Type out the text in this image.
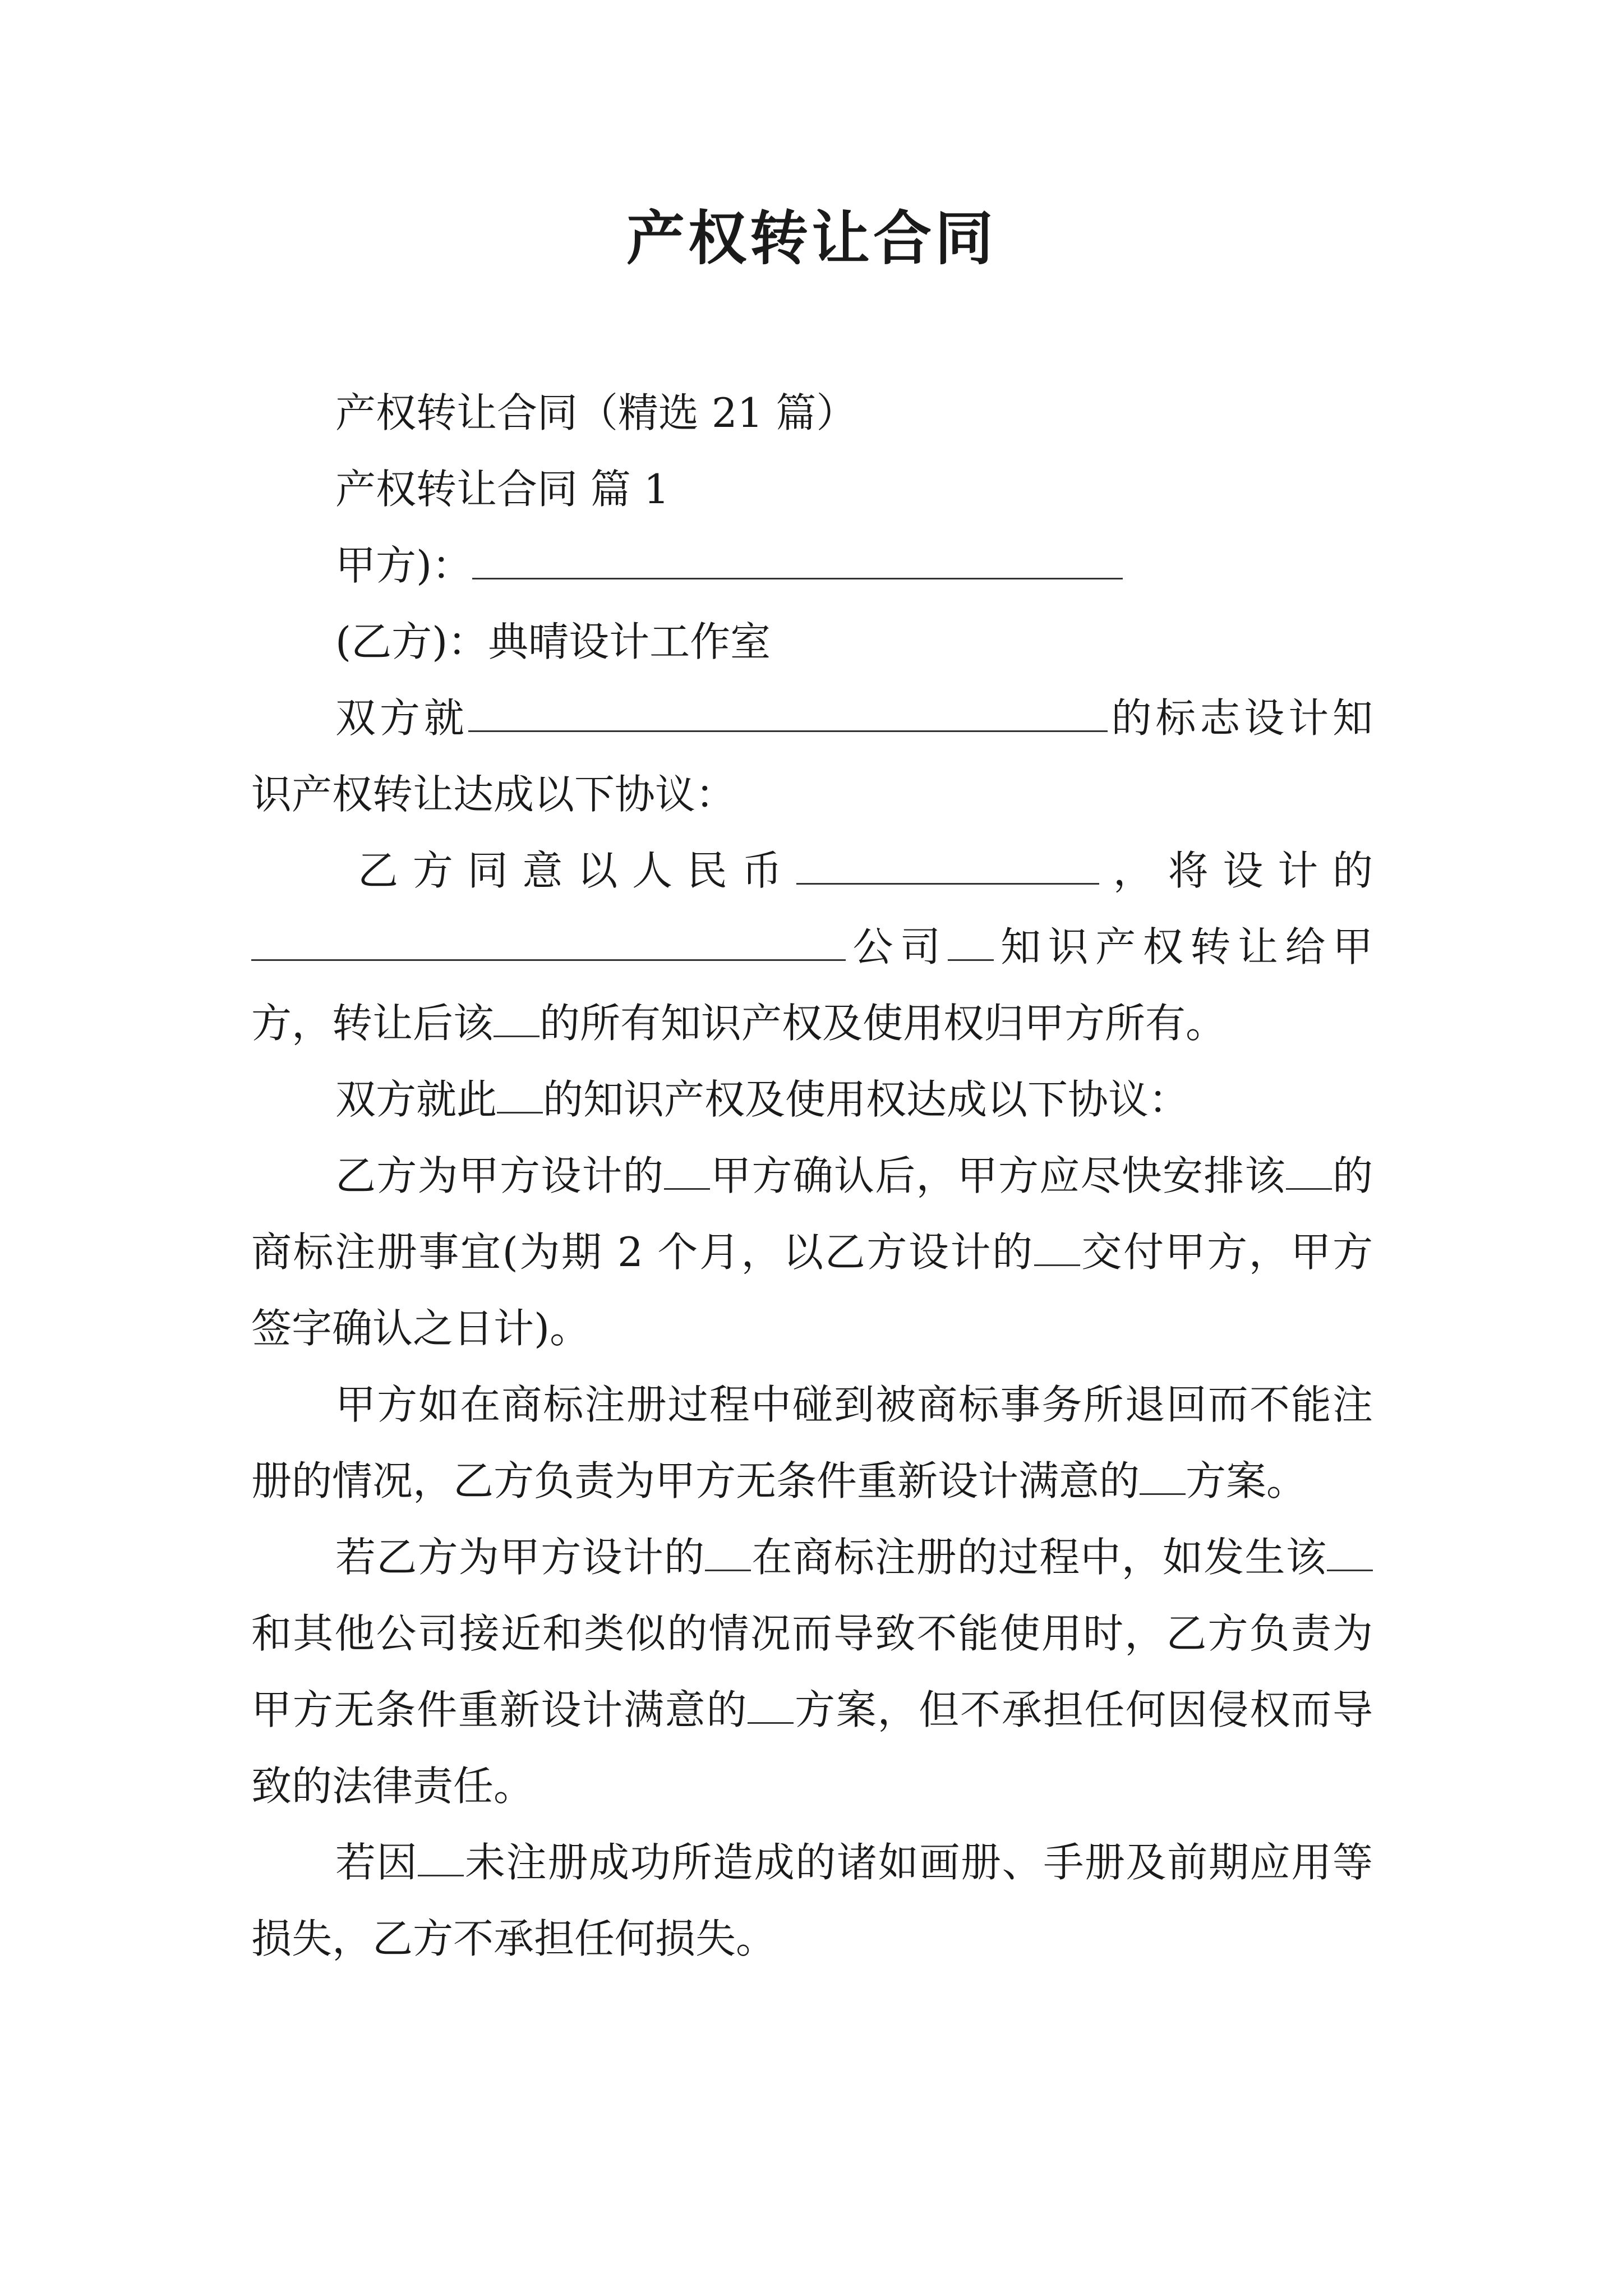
产权转让合同

产权转让合同（精选 21 篇）

产权转让合同 篇 1

甲方)：

(乙方)：典晴设计工作室

双方就	的标志设计知识产权转让达成以下协议：

乙 方 同 意 以 人 民 币	， 将 设 计 的公司 知识产权转让给甲方，转让后该 的所有知识产权及使用权归甲方所有。

双方就此 的知识产权及使用权达成以下协议：

乙方为甲方设计的 甲方确认后，甲方应尽快安排该 的商标注册事宜(为期 2 个月，以乙方设计的 交付甲方，甲方签字确认之日计)。

甲方如在商标注册过程中碰到被商标事务所退回而不能注册的情况，乙方负责为甲方无条件重新设计满意的 方案。

若乙方为甲方设计的 在商标注册的过程中，如发生该和其他公司接近和类似的情况而导致不能使用时，乙方负责为甲方无条件重新设计满意的 方案，但不承担任何因侵权而导致的法律责任。

若因 未注册成功所造成的诸如画册、手册及前期应用等损失，乙方不承担任何损失。
